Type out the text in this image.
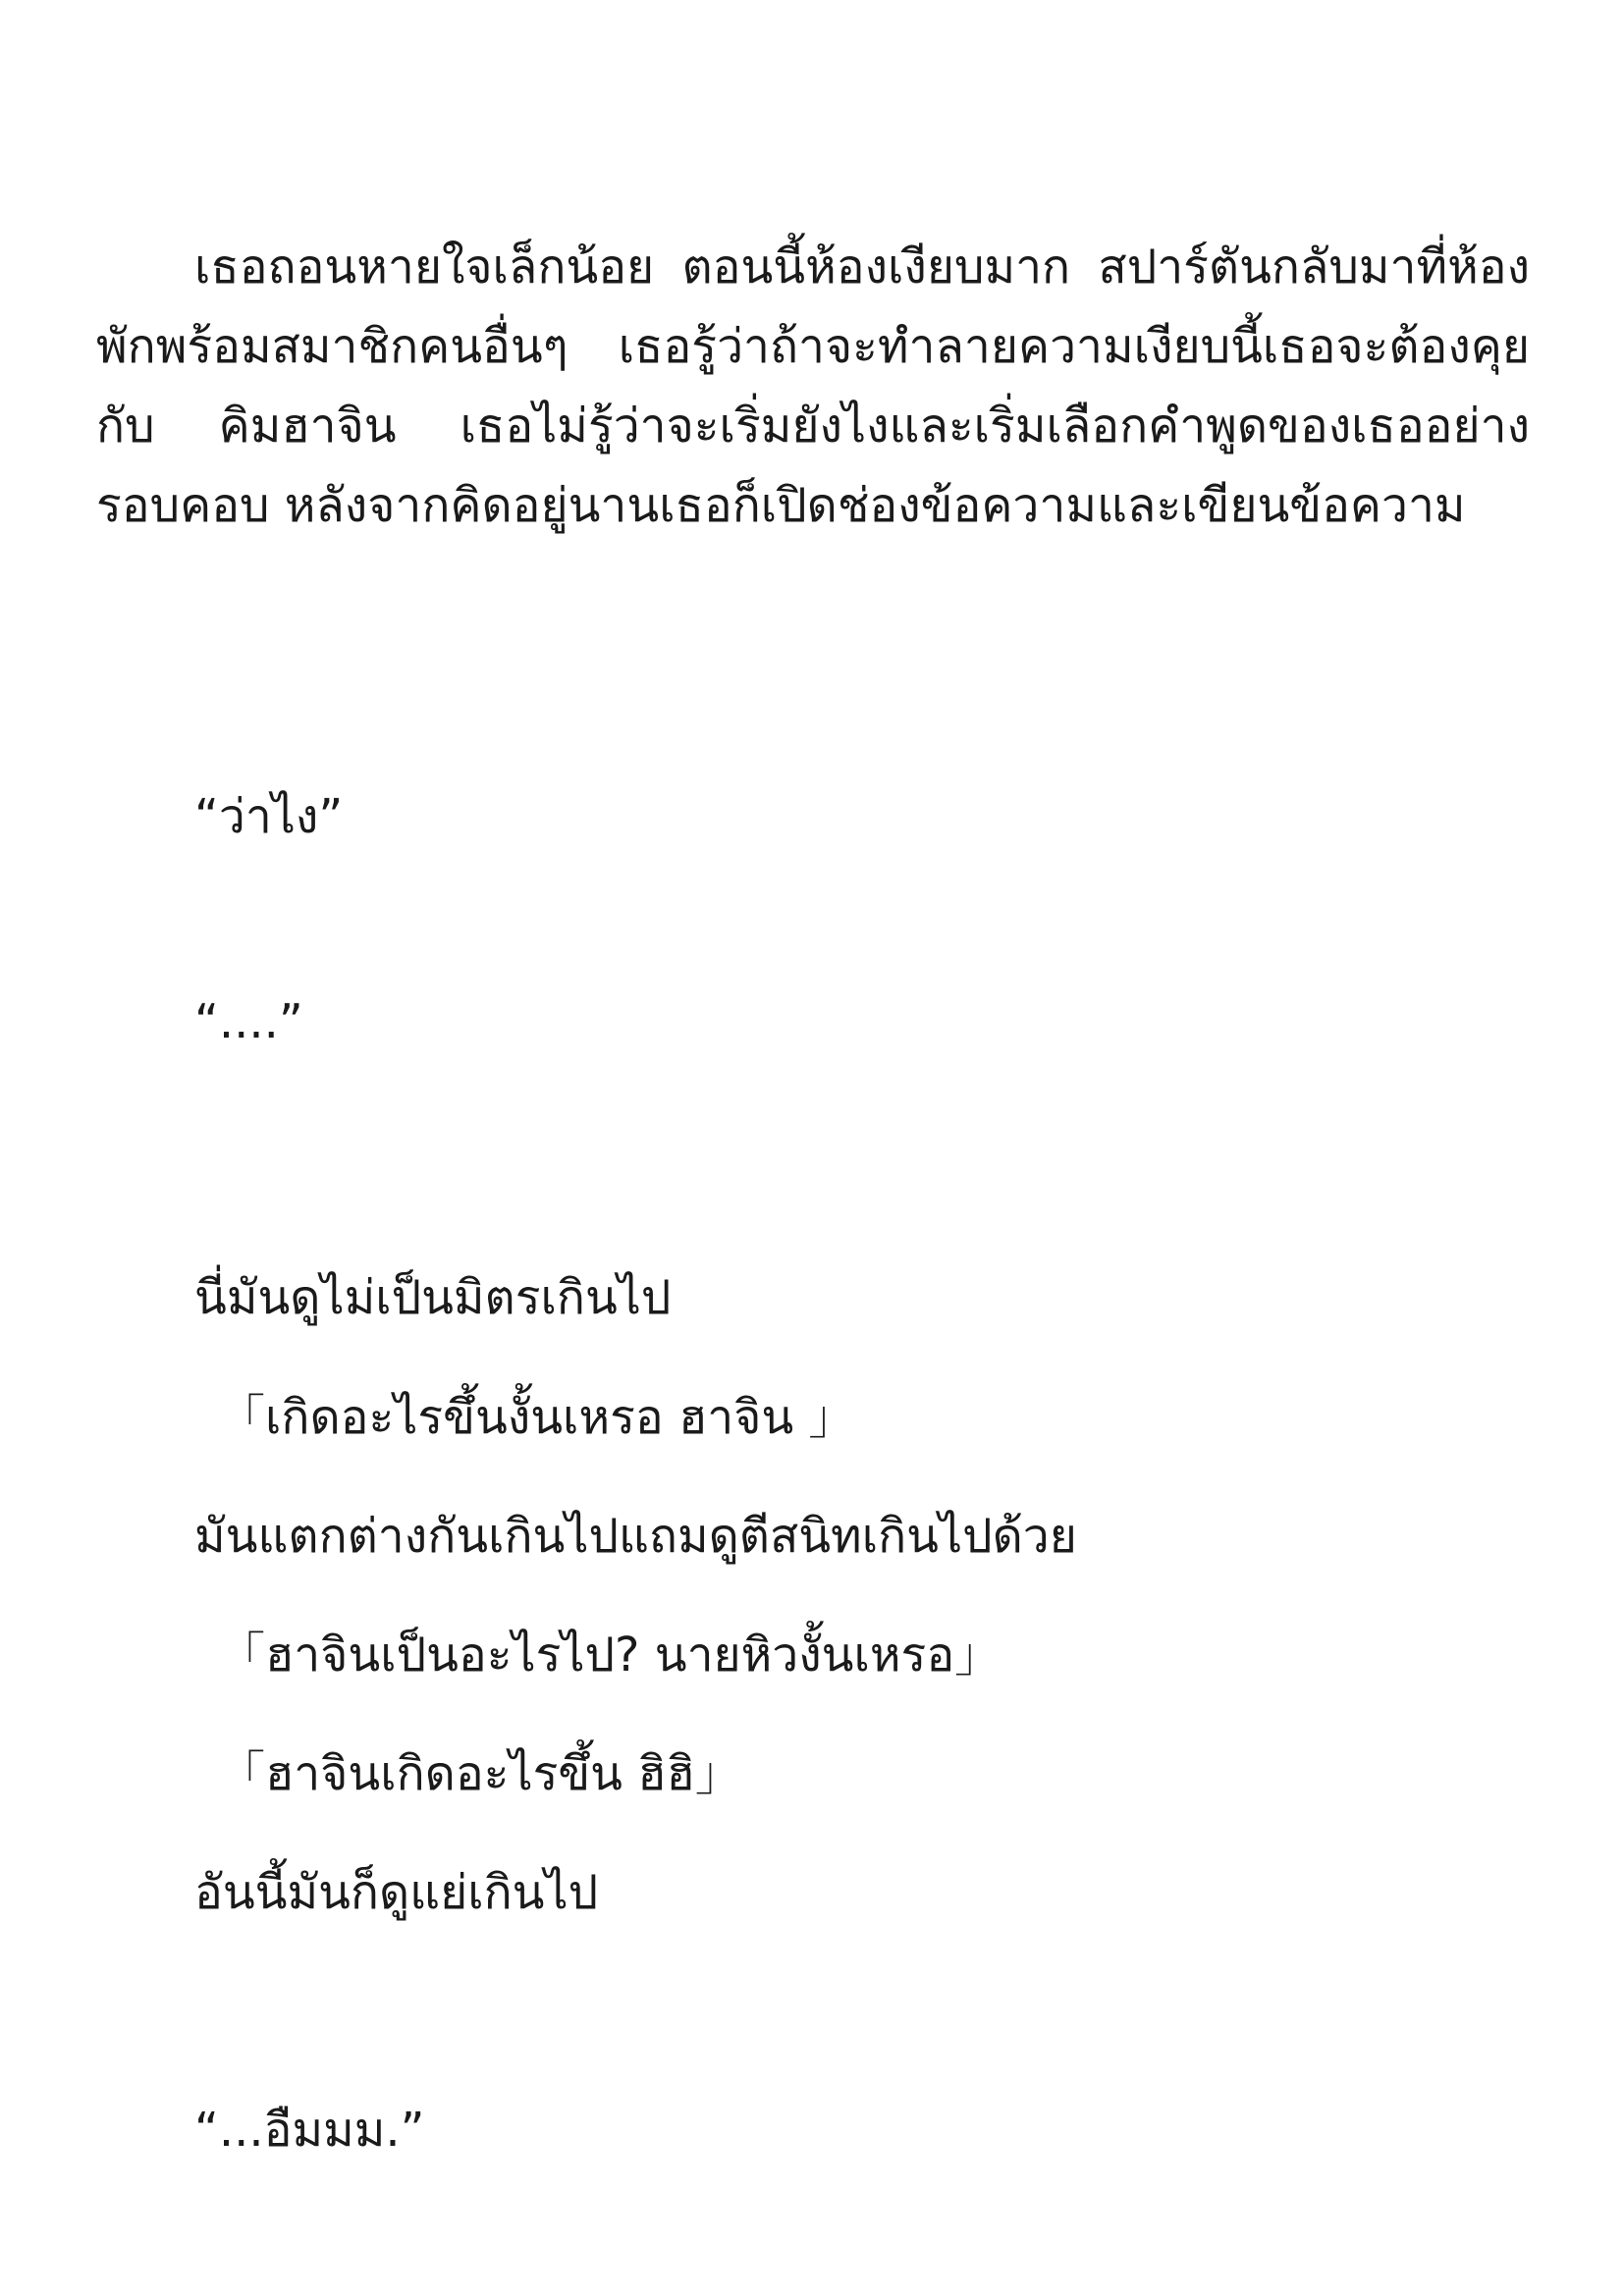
เธอถอนหายใจเล็กน้อย ตอนนี้ห้องเงียบมาก สปาร์ตันกลับมาที่ห้องพักพร้อมสมาชิกคนอื่นๆ เธอรู้ว่าถ้าจะทำลายความเงียบนี้เธอจะต้องคุยกับ คิมฮาจิน เธอไม่รู้ว่าจะเริ่มยังไงและเริ่มเลือกคำพูดของเธออย่างรอบคอบ หลังจากคิดอยู่นานเธอก็เปิดช่องข้อความและเขียนข้อความ

“ว่าไง”

“....”

นี่มันดูไม่เป็นมิตรเกินไป

「เกิดอะไรขึ้นงั้นเหรอ ฮาจิน 」

มันแตกต่างกันเกินไปแถมดูตีสนิทเกินไปด้วย

「ฮาจินเป็นอะไรไป? นายหิวงั้นเหรอ」

「ฮาจินเกิดอะไรขึ้น ฮิฮิ」

อันนี้มันก็ดูแย่เกินไป

“...อืมมม.”
